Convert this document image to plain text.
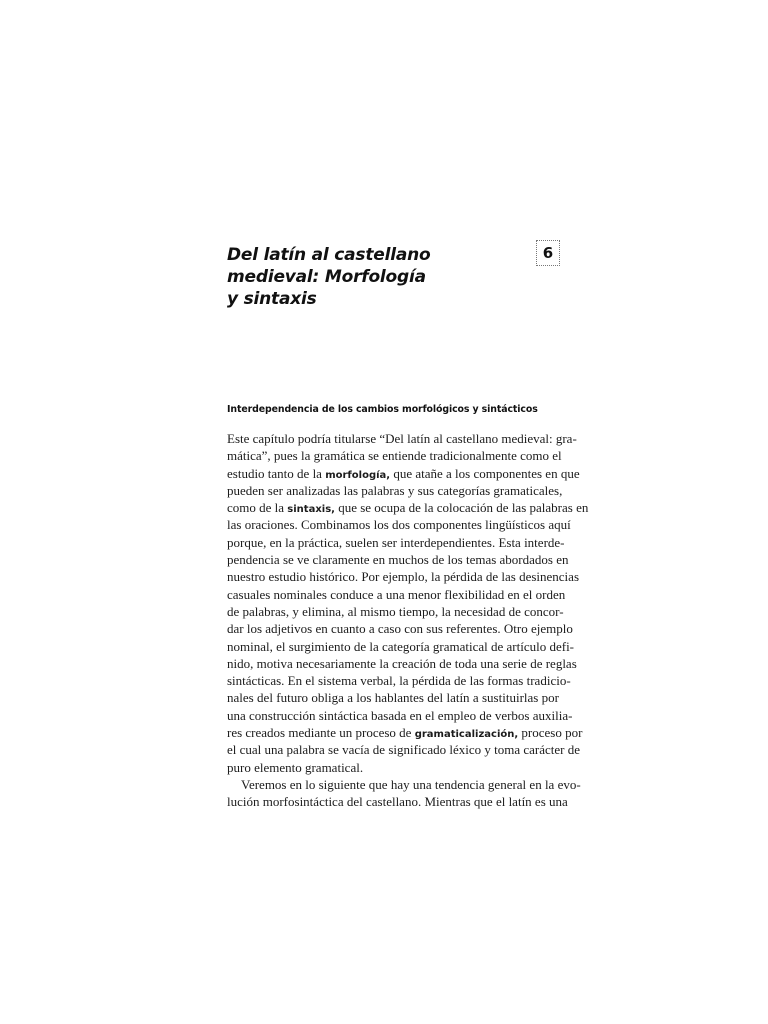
Del latín al castellano
medieval: Morfología
y sintaxis
6
Interdependencia de los cambios morfológicos y sintácticos
Este capítulo podría titularse “Del latín al castellano medieval: gra-
mática”, pues la gramática se entiende tradicionalmente como el
estudio tanto de la morfología, que atañe a los componentes en que
pueden ser analizadas las palabras y sus categorías gramaticales,
como de la sintaxis, que se ocupa de la colocación de las palabras en
las oraciones. Combinamos los dos componentes lingüísticos aquí
porque, en la práctica, suelen ser interdependientes. Esta interde-
pendencia se ve claramente en muchos de los temas abordados en
nuestro estudio histórico. Por ejemplo, la pérdida de las desinencias
casuales nominales conduce a una menor flexibilidad en el orden
de palabras, y elimina, al mismo tiempo, la necesidad de concor-
dar los adjetivos en cuanto a caso con sus referentes. Otro ejemplo
nominal, el surgimiento de la categoría gramatical de artículo defi-
nido, motiva necesariamente la creación de toda una serie de reglas
sintácticas. En el sistema verbal, la pérdida de las formas tradicio-
nales del futuro obliga a los hablantes del latín a sustituirlas por
una construcción sintáctica basada en el empleo de verbos auxilia-
res creados mediante un proceso de gramaticalización, proceso por
el cual una palabra se vacía de significado léxico y toma carácter de
puro elemento gramatical.
Veremos en lo siguiente que hay una tendencia general en la evo-
lución morfosintáctica del castellano. Mientras que el latín es una
